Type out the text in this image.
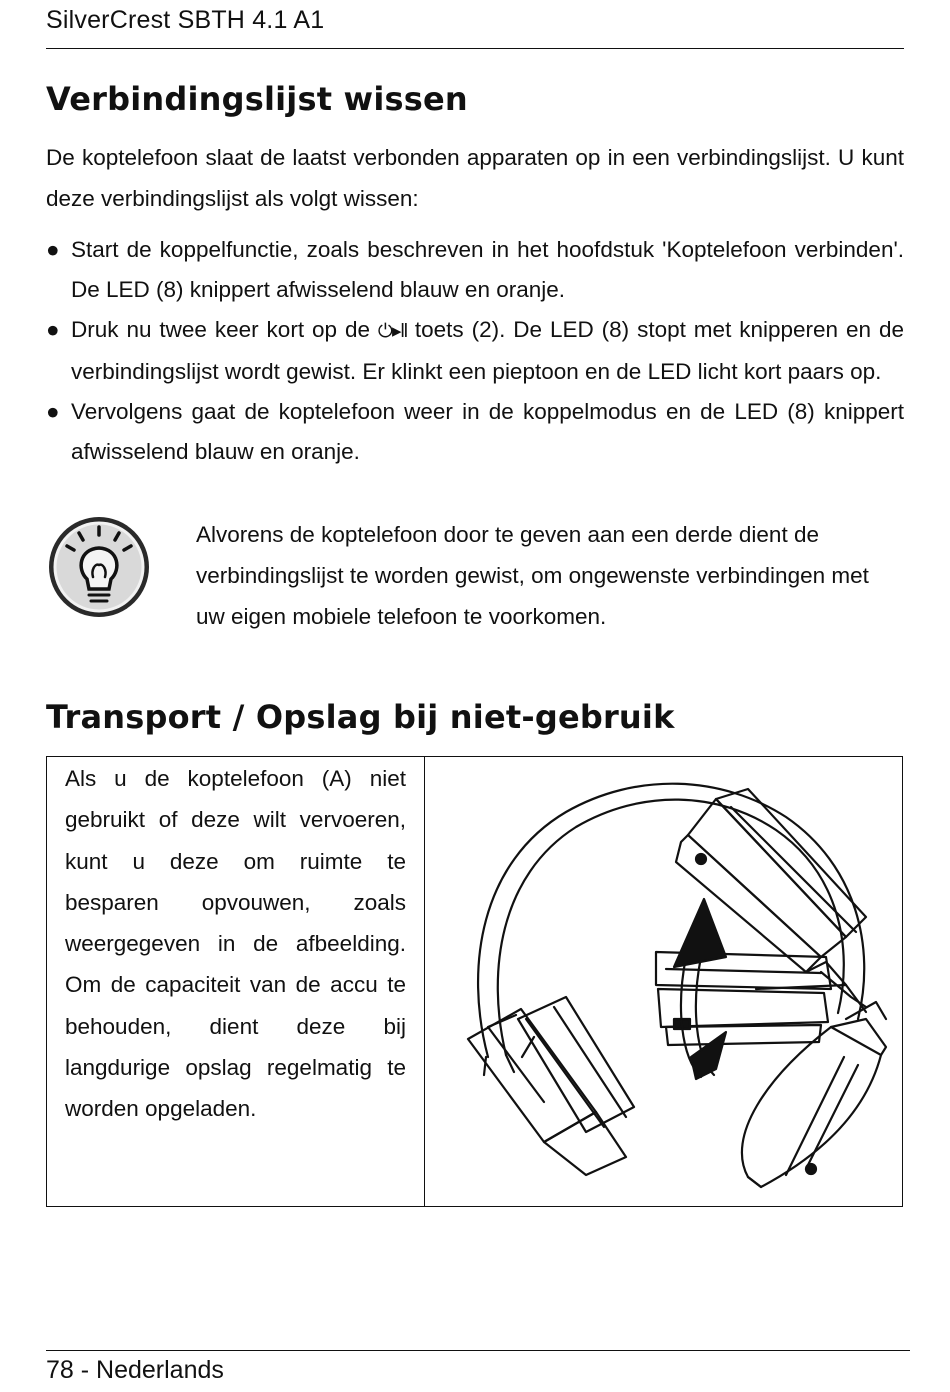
SilverCrest SBTH 4.1 A1
Verbindingslijst wissen

De koptelefoon slaat de laatst verbonden apparaten op in een verbindingslijst. U kunt deze verbindingslijst als volgt wissen:

● Start de koppelfunctie, zoals beschreven in het hoofdstuk 'Koptelefoon verbinden'. De LED (8) knippert afwisselend blauw en oranje.
● Druk nu twee keer kort op de ⏻▸ll toets (2). De LED (8) stopt met knipperen en de verbindingslijst wordt gewist. Er klinkt een pieptoon en de LED licht kort paars op.
● Vervolgens gaat de koptelefoon weer in de koppelmodus en de LED (8) knippert afwisselend blauw en oranje.

Alvorens de koptelefoon door te geven aan een derde dient de verbindingslijst te worden gewist, om ongewenste verbindingen met uw eigen mobiele telefoon te voorkomen.

Transport / Opslag bij niet-gebruik

Als u de koptelefoon (A) niet gebruikt of deze wilt vervoeren, kunt u deze om ruimte te besparen opvouwen, zoals weergegeven in de afbeelding. Om de capaciteit van de accu te behouden, dient deze bij langdurige opslag regelmatig te worden opgeladen.

78 - Nederlands
